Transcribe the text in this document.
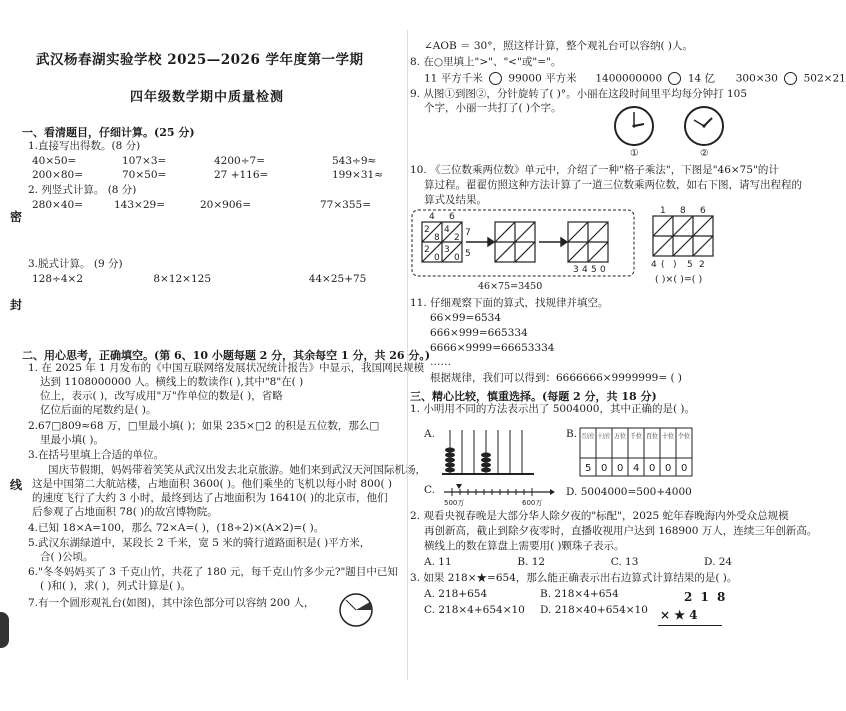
密
封
线
武汉杨春湖实验学校 2025—2026 学年度第一学期
四年级数学期中质量检测
一、看清题目，仔细计算。(25 分)
1.直接写出得数。(8 分)
40×50=	107×3=	4200÷7=	543÷9≈
200×80=	70×50=	27 +116=	199×31≈
2. 列竖式计算。 (8 分)
280×40=	143×29=	20×906=	77×355=
3.脱式计算。 (9 分)
128÷4×2	8×12×125	44×25+75
二、用心思考，正确填空。(第 6、10 小题每题 2 分，其余每空 1 分，共 26 分。)
1. 在 2025 年 1 月发布的《中国互联网络发展状况统计报告》中显示，我国网民规模
达到 1108000000 人。横线上的数读作( ),其中"8"在( )
位上，表示( )，改写成用"万"作单位的数是( )，省略
亿位后面的尾数约是( )。
2.67□809≈68 万，□里最小填( )；如果 235×□2 的积是五位数，那么□
里最小填( )。
3.在括号里填上合适的单位。
国庆节假期，妈妈带着笑笑从武汉出发去北京旅游。她们来到武汉天河国际机场，
这是中国第二大航站楼，占地面积 3600( )。他们乘坐的飞机以每小时 800( )
的速度飞行了大约 3 小时，最终到达了占地面积为 16410( )的北京市，他们
后参观了占地面积 78( )的故宫博物院。
4.已知 18×A=100，那么 72×A=( )，(18÷2)×(A×2)=( )。
5.武汉东湖绿道中，某段长 2 千米，宽 5 米的骑行道路面积是( )平方米，
合( )公顷。
6."冬冬妈妈买了 3 千克山竹，共花了 180 元，每千克山竹多少元?"题目中已知
( )和( )，求( )，列式计算是( )。
7.有一个圆形观礼台(如图)，其中涂色部分可以容纳 200 人，
∠AOB ＝ 30°，照这样计算，整个观礼台可以容纳( )人。
8. 在○里填上">"、"<"或"="。
11 平方千米 99000 平方米 1400000000 14 亿 300×30 502×21
9. 从图①到图②，分针旋转了( )°。小丽在这段时间里平均每分钟打 105
个字，小丽一共打了( )个字。
①	②
10. 《三位数乘两位数》单元中，介绍了一种"格子乘法"，下图是"46×75"的计
算过程。翟翟仿照这种方法计算了一道三位数乘两位数，如右下图，请写出程程的
算式及结果。
4 6
7
5
2
8
4
2
2
0
3
0
3 4 5 0
46×75=3450
1 8 6
4 ( ) 5 2
( )×( )=( )
11. 仔细观察下面的算式，找规律并填空。
66×99=6534
666×999=665334
6666×9999=66653334
……
根据规律，我们可以得到：6666666×9999999= ( )
三、精心比较，慎重选择。(每题 2 分，共 18 分)
1. 小明用不同的方法表示出了 5004000，其中正确的是( )。
A.	B. 百万位
十万位
万位 千位 百位 十位 个位
5 0 0 4 0 0 0
C.
500万	600万
D. 5004000=500+4000
2. 观看央视春晚是大部分华人除夕夜的"标配"，2025 蛇年春晚海内外受众总规模
再创新高，截止到除夕夜零时，直播收视用户达到 168900 万人，连续三年创新高。
横线上的数在算盘上需要用( )颗珠子表示。
A. 11	B. 12	C. 13	D. 24
3. 如果 218×★=654，那么能正确表示出右边算式计算结果的是( )。
A. 218+654	B. 218×4+654
C. 218×4+654×10 D. 218×40+654×10
2 1 8
× ★ 4
